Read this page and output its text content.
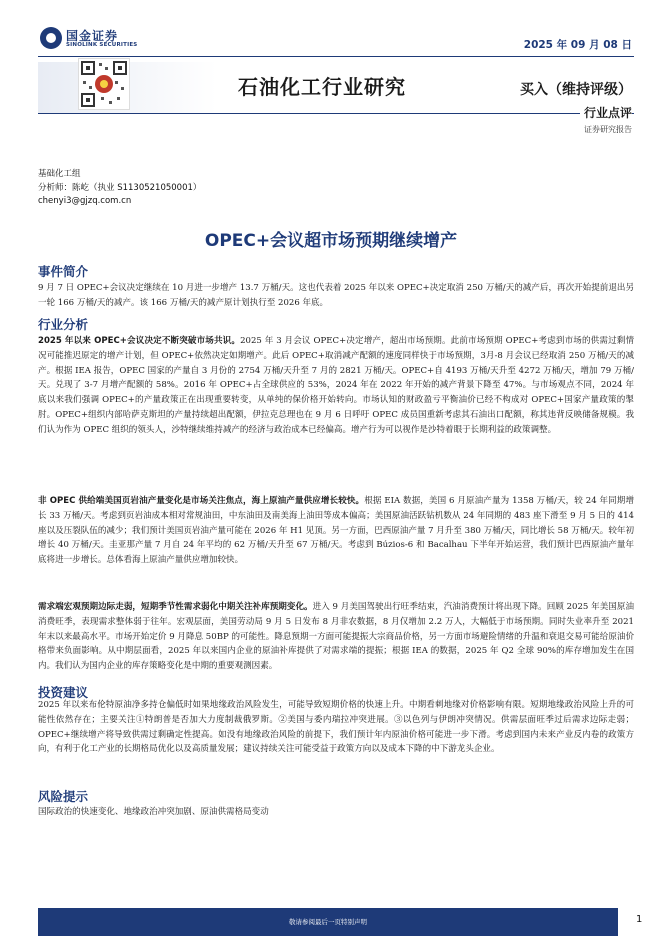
国金证券
SINOLINK SECURITIES	2025 年 09 月 08 日
石油化工行业研究	买入（维持评级）
行业点评
证券研究报告
基础化工组
分析师：陈屹（执业 S1130521050001）
chenyi3@gjzq.com.cn
OPEC+会议超市场预期继续增产
事件简介

9 月 7 日 OPEC+会议决定继续在 10 月进一步增产 13.7 万桶/天。这也代表着 2025 年以来 OPEC+决定取消 250 万桶/天的减产后，再次开始提前退出另一轮 166 万桶/天的减产。该 166 万桶/天的减产原计划执行至 2026 年底。

行业分析

2025 年以来 OPEC+会议决定不断突破市场共识。2025 年 3 月会议 OPEC+决定增产，超出市场预期。此前市场预期 OPEC+考虑到市场的供需过剩情况可能推迟原定的增产计划，但 OPEC+依然决定如期增产。此后 OPEC+取消减产配额的速度同样快于市场预期，3月-8 月会议已经取消 250 万桶/天的减产。根据 IEA 报告，OPEC 国家的产量自 3 月份的 2754 万桶/天升至 7 月的 2821 万桶/天。OPEC+自 4193 万桶/天升至 4272 万桶/天，增加 79 万桶/天。兑现了 3-7 月增产配额的 58%。2016 年 OPEC+占全球供应的 53%，2024 年在 2022 年开始的减产背景下降至 47%。与市场观点不同，2024 年底以来我们强调 OPEC+的产量政策正在出现重要转变，从单纯的保价格开始转向。市场认知的财政盈亏平衡油价已经不构成对 OPEC+国家产量政策的掣肘。OPEC+组织内部哈萨克斯坦的产量持续超出配额，伊拉克总理也在 9 月 6 日呼吁 OPEC 成员国重新考虑其石油出口配额，称其违背反映储备规模。我们认为作为 OPEC 组织的领头人，沙特继续维持减产的经济与政治成本已经偏高。增产行为可以视作是沙特着眼于长期利益的政策调整。

非 OPEC 供给端美国页岩油产量变化是市场关注焦点，海上原油产量供应增长较快。根据 EIA 数据，美国 6 月原油产量为 1358 万桶/天，较 24 年同期增长 33 万桶/天。考虑到页岩油成本相对常规油田，中东油田及南美海上油田等成本偏高；美国原油活跃钻机数从 24 年同期的 483 座下滑至 9 月 5 日的 414 座以及压裂队伍的减少；我们预计美国页岩油产量可能在 2026 年 H1 见顶。另一方面，巴西原油产量 7 月升至 380 万桶/天，同比增长 58 万桶/天。较年初增长 40 万桶/天。圭亚那产量 7 月自 24 年平均的 62 万桶/天升至 67 万桶/天。考虑到 Búzios-6 和 Bacalhau 下半年开始运营，我们预计巴西原油产量年底将进一步增长。总体看海上原油产量供应增加较快。

需求端宏观预期边际走弱，短期季节性需求弱化中期关注补库预期变化。进入 9 月美国驾驶出行旺季结束，汽油消费预计将出现下降。回顾 2025 年美国原油消费旺季，表现需求整体弱于往年。宏观层面，美国劳动局 9 月 5 日发布 8 月非农数据，8 月仅增加 2.2 万人，大幅低于市场预期。同时失业率升至 2021 年末以来最高水平。市场开始定价 9 月降息 50BP 的可能性。降息预期一方面可能提振大宗商品价格，另一方面市场避险情绪的升温和衰退交易可能给原油价格带来负面影响。从中期层面看，2025 年以来国内企业的原油补库提供了对需求端的提振；根据 IEA 的数据，2025 年 Q2 全球 90%的库存增加发生在国内。我们认为国内企业的库存策略变化是中期的重要观测因素。

投资建议

2025 年以来布伦特原油净多持仓偏低时如果地缘政治风险发生，可能导致短期价格的快速上升。中期看刺地缘对价格影响有限。短期地缘政治风险上升的可能性依然存在；主要关注①特朗普是否加大力度制裁俄罗斯。②美国与委内瑞拉冲突进展。③以色列与伊朗冲突情况。供需层面旺季过后需求边际走弱；OPEC+继续增产将导致供需过剩确定性提高。如没有地缘政治风险的前提下，我们预计年内原油价格可能进一步下滑。考虑到国内未来产业反内卷的政策方向，有利于化工产业的长期格局优化以及高质量发展；建议持续关注可能受益于政策方向以及成本下降的中下游龙头企业。

风险提示

国际政治的快速变化、地缘政治冲突加剧、原油供需格局变动

敬请参阅最后一页特别声明	1
